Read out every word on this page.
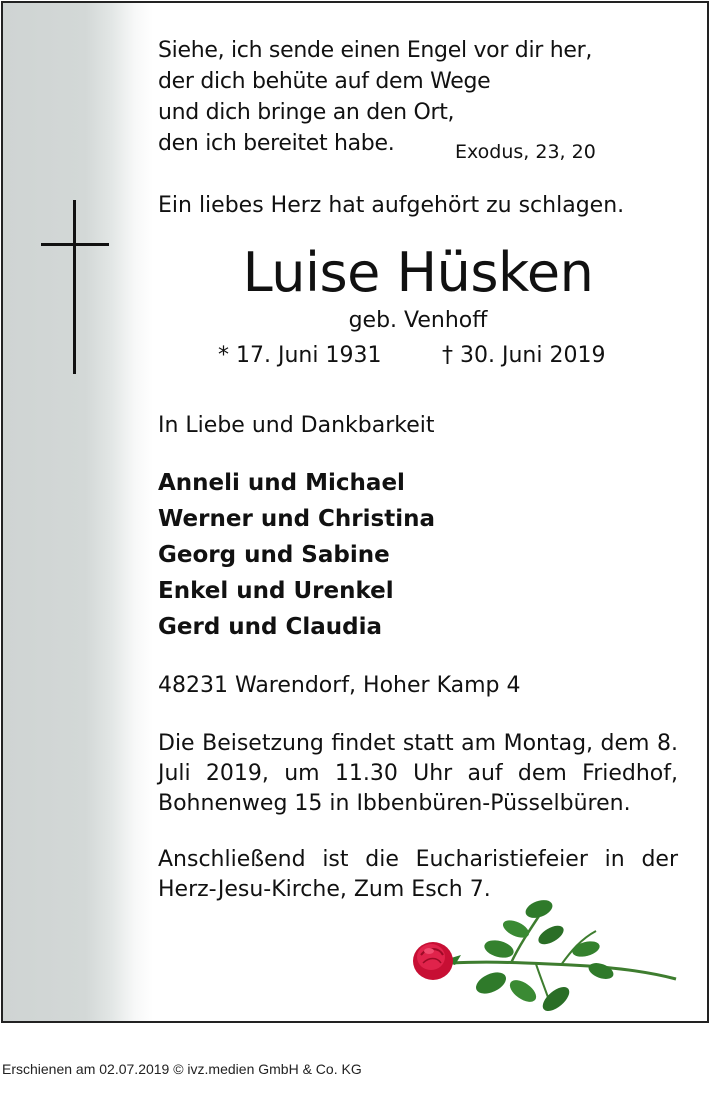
Siehe, ich sende einen Engel vor dir her,
der dich behüte auf dem Wege
und dich bringe an den Ort,
den ich bereitet habe.	Exodus, 23, 20
Ein liebes Herz hat aufgehört zu schlagen.
Luise Hüsken
geb. Venhoff
* 17. Juni 1931	† 30. Juni 2019
In Liebe und Dankbarkeit
Anneli und Michael
Werner und Christina
Georg und Sabine
Enkel und Urenkel
Gerd und Claudia
48231 Warendorf, Hoher Kamp 4
Die Beisetzung findet statt am Montag, dem 8. Juli 2019, um 11.30 Uhr auf dem Friedhof, Bohnenweg 15 in Ibbenbüren-Püsselbüren.
Anschließend ist die Eucharistiefeier in der Herz-Jesu-Kirche, Zum Esch 7.
Erschienen am 02.07.2019 © ivz.medien GmbH & Co. KG
